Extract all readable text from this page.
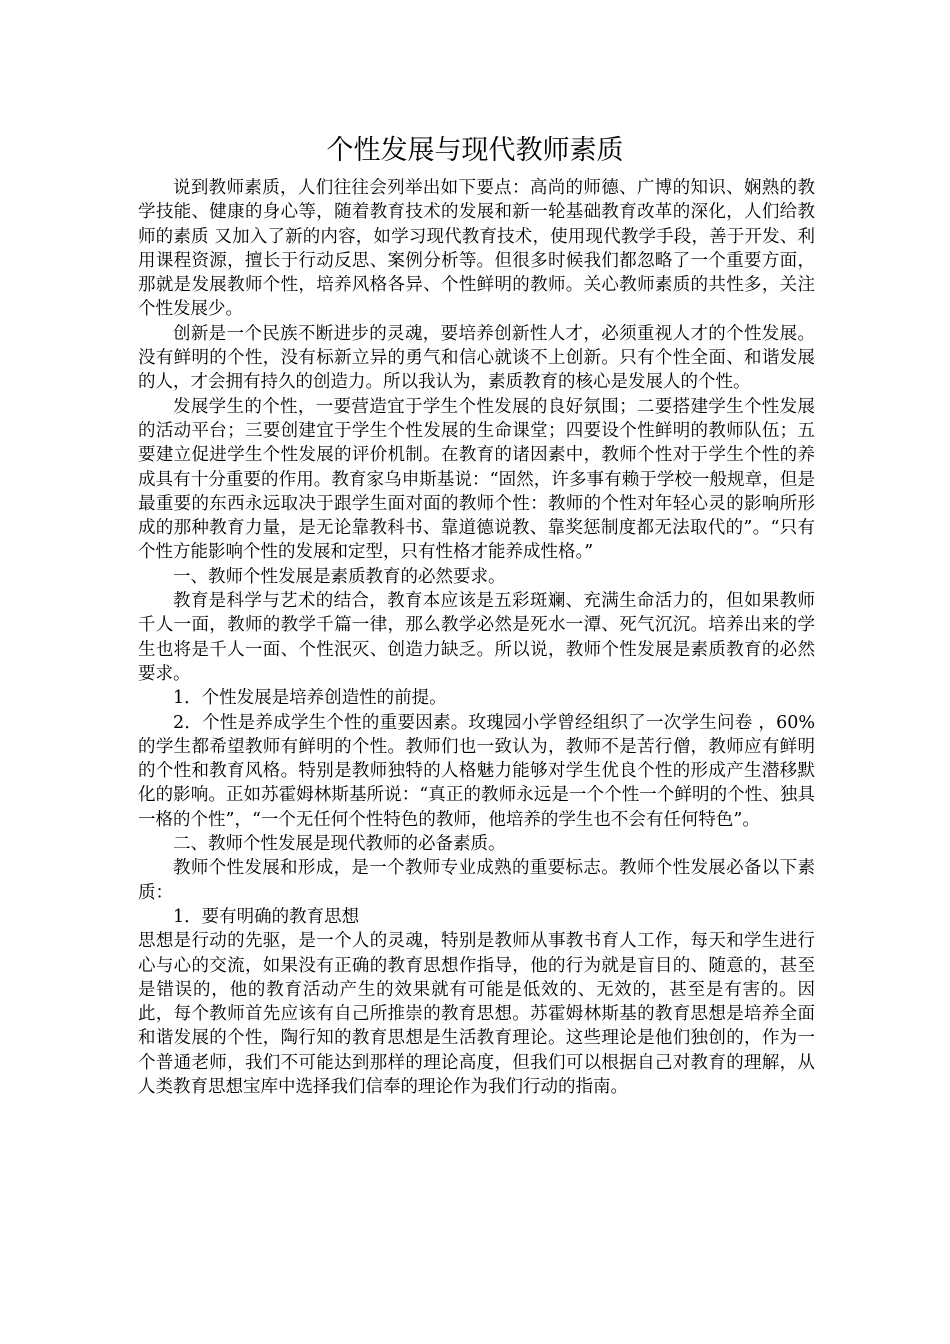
个性发展与现代教师素质

说到教师素质，人们往往会列举出如下要点：高尚的师德、广博的知识、娴熟的教学技能、健康的身心等，随着教育技术的发展和新一轮基础教育改革的深化，人们给教师的素质 又加入了新的内容，如学习现代教育技术，使用现代教学手段，善于开发、利用课程资源，擅长于行动反思、案例分析等。但很多时候我们都忽略了一个重要方面，那就是发展教师个性，培养风格各异、个性鲜明的教师。关心教师素质的共性多，关注个性发展少。

创新是一个民族不断进步的灵魂，要培养创新性人才，必须重视人才的个性发展。没有鲜明的个性，没有标新立异的勇气和信心就谈不上创新。只有个性全面、和谐发展的人，才会拥有持久的创造力。所以我认为，素质教育的核心是发展人的个性。

发展学生的个性，一要营造宜于学生个性发展的良好氛围；二要搭建学生个性发展的活动平台；三要创建宜于学生个性发展的生命课堂；四要设个性鲜明的教师队伍；五要建立促进学生个性发展的评价机制。在教育的诸因素中，教师个性对于学生个性的养成具有十分重要的作用。教育家乌申斯基说：“固然，许多事有赖于学校一般规章，但是最重要的东西永远取决于跟学生面对面的教师个性：教师的个性对年轻心灵的影响所形成的那种教育力量，是无论靠教科书、靠道德说教、靠奖惩制度都无法取代的”。“只有个性方能影响个性的发展和定型，只有性格才能养成性格。”

一、教师个性发展是素质教育的必然要求。

教育是科学与艺术的结合，教育本应该是五彩斑斓、充满生命活力的，但如果教师千人一面，教师的教学千篇一律，那么教学必然是死水一潭、死气沉沉。培养出来的学生也将是千人一面、个性泯灭、创造力缺乏。所以说，教师个性发展是素质教育的必然要求。

1．个性发展是培养创造性的前提。

2．个性是养成学生个性的重要因素。玫瑰园小学曾经组织了一次学生问卷 ，60%的学生都希望教师有鲜明的个性。教师们也一致认为，教师不是苦行僧，教师应有鲜明的个性和教育风格。特别是教师独特的人格魅力能够对学生优良个性的形成产生潜移默化的影响。正如苏霍姆林斯基所说：“真正的教师永远是一个个性一个鲜明的个性、独具一格的个性”，“一个无任何个性特色的教师，他培养的学生也不会有任何特色”。

二、教师个性发展是现代教师的必备素质。

教师个性发展和形成，是一个教师专业成熟的重要标志。教师个性发展必备以下素质：

1．要有明确的教育思想

思想是行动的先驱，是一个人的灵魂，特别是教师从事教书育人工作，每天和学生进行心与心的交流，如果没有正确的教育思想作指导，他的行为就是盲目的、随意的，甚至是错误的，他的教育活动产生的效果就有可能是低效的、无效的，甚至是有害的。因此，每个教师首先应该有自己所推崇的教育思想。苏霍姆林斯基的教育思想是培养全面和谐发展的个性，陶行知的教育思想是生活教育理论。这些理论是他们独创的，作为一个普通老师，我们不可能达到那样的理论高度，但我们可以根据自己对教育的理解，从人类教育思想宝库中选择我们信奉的理论作为我们行动的指南。
